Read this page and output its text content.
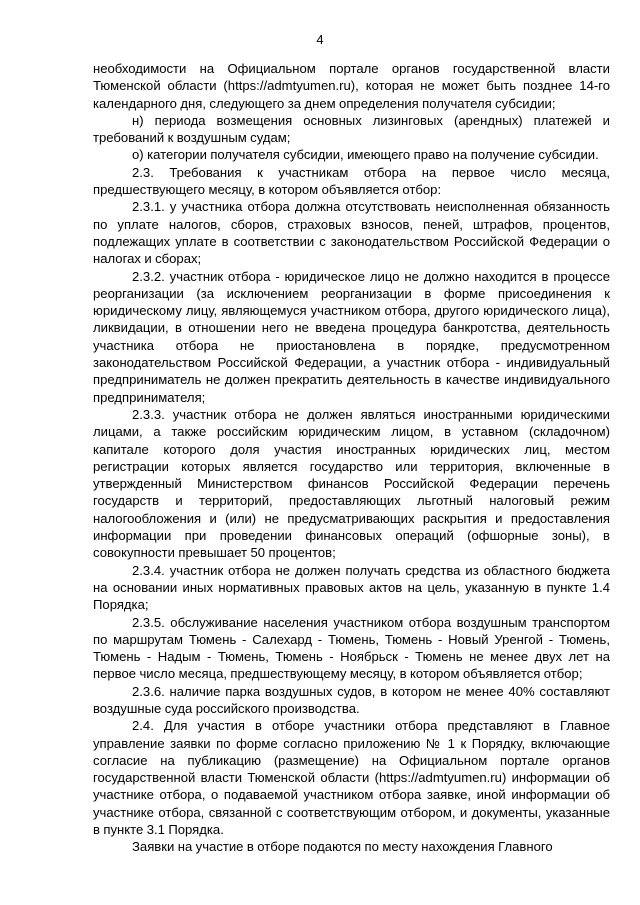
4

необходимости на Официальном портале органов государственной власти Тюменской области (https://admtyumen.ru), которая не может быть позднее 14-го календарного дня, следующего за днем определения получателя субсидии;

н) периода возмещения основных лизинговых (арендных) платежей и требований к воздушным судам;

о) категории получателя субсидии, имеющего право на получение субсидии.

2.3. Требования к участникам отбора на первое число месяца, предшествующего месяцу, в котором объявляется отбор:

2.3.1. у участника отбора должна отсутствовать неисполненная обязанность по уплате налогов, сборов, страховых взносов, пеней, штрафов, процентов, подлежащих уплате в соответствии с законодательством Российской Федерации о налогах и сборах;

2.3.2. участник отбора - юридическое лицо не должно находится в процессе реорганизации (за исключением реорганизации в форме присоединения к юридическому лицу, являющемуся участником отбора, другого юридического лица), ликвидации, в отношении него не введена процедура банкротства, деятельность участника отбора не приостановлена в порядке, предусмотренном законодательством Российской Федерации, а участник отбора - индивидуальный предприниматель не должен прекратить деятельность в качестве индивидуального предпринимателя;

2.3.3. участник отбора не должен являться иностранными юридическими лицами, а также российским юридическим лицом, в уставном (складочном) капитале которого доля участия иностранных юридических лиц, местом регистрации которых является государство или территория, включенные в утвержденный Министерством финансов Российской Федерации перечень государств и территорий, предоставляющих льготный налоговый режим налогообложения и (или) не предусматривающих раскрытия и предоставления информации при проведении финансовых операций (офшорные зоны), в совокупности превышает 50 процентов;

2.3.4. участник отбора не должен получать средства из областного бюджета на основании иных нормативных правовых актов на цель, указанную в пункте 1.4 Порядка;

2.3.5. обслуживание населения участником отбора воздушным транспортом по маршрутам Тюмень - Салехард - Тюмень, Тюмень - Новый Уренгой - Тюмень, Тюмень - Надым - Тюмень, Тюмень - Ноябрьск - Тюмень не менее двух лет на первое число месяца, предшествующему месяцу, в котором объявляется отбор;

2.3.6. наличие парка воздушных судов, в котором не менее 40% составляют воздушные суда российского производства.

2.4. Для участия в отборе участники отбора представляют в Главное управление заявки по форме согласно приложению № 1 к Порядку, включающие согласие на публикацию (размещение) на Официальном портале органов государственной власти Тюменской области (https://admtyumen.ru) информации об участнике отбора, о подаваемой участником отбора заявке, иной информации об участнике отбора, связанной с соответствующим отбором, и документы, указанные в пункте 3.1 Порядка.

Заявки на участие в отборе подаются по месту нахождения Главного
